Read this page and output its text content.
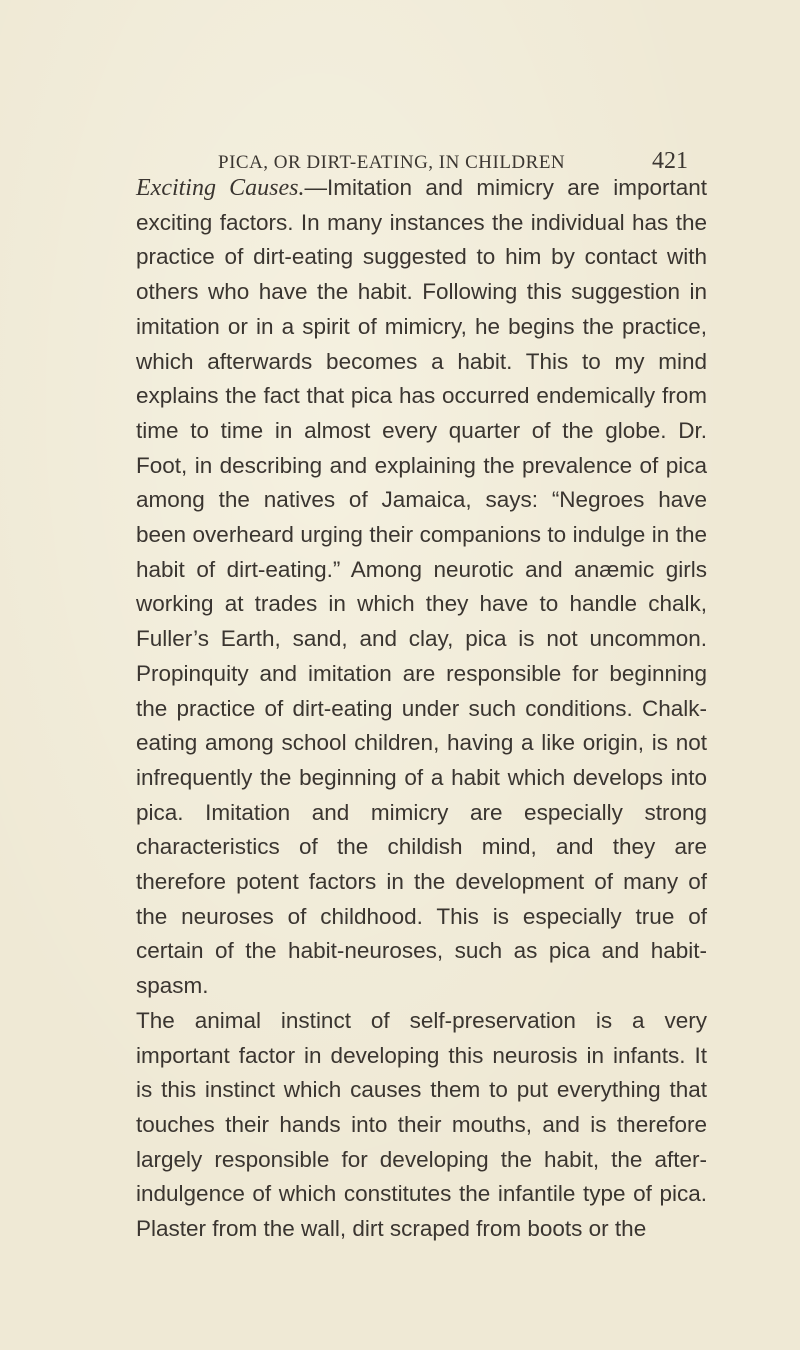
PICA, OR DIRT-EATING, IN CHILDREN	421

Exciting Causes.—Imitation and mimicry are important exciting factors. In many instances the individual has the practice of dirt-eating suggested to him by contact with others who have the habit. Following this suggestion in imitation or in a spirit of mimicry, he begins the practice, which afterwards becomes a habit. This to my mind explains the fact that pica has occurred endemically from time to time in almost every quarter of the globe. Dr. Foot, in describing and explaining the prevalence of pica among the natives of Jamaica, says: “Negroes have been overheard urging their companions to indulge in the habit of dirt-eating.” Among neurotic and anæmic girls working at trades in which they have to handle chalk, Fuller’s Earth, sand, and clay, pica is not uncommon. Propinquity and imitation are responsible for beginning the practice of dirt-eating under such conditions. Chalk-eating among school children, having a like origin, is not infrequently the beginning of a habit which develops into pica. Imitation and mimicry are especially strong characteristics of the childish mind, and they are therefore potent factors in the development of many of the neuroses of childhood. This is especially true of certain of the habit-neuroses, such as pica and habit-spasm.

The animal instinct of self-preservation is a very important factor in developing this neurosis in infants. It is this instinct which causes them to put everything that touches their hands into their mouths, and is therefore largely responsible for developing the habit, the after-indulgence of which constitutes the infantile type of pica. Plaster from the wall, dirt scraped from boots or the
